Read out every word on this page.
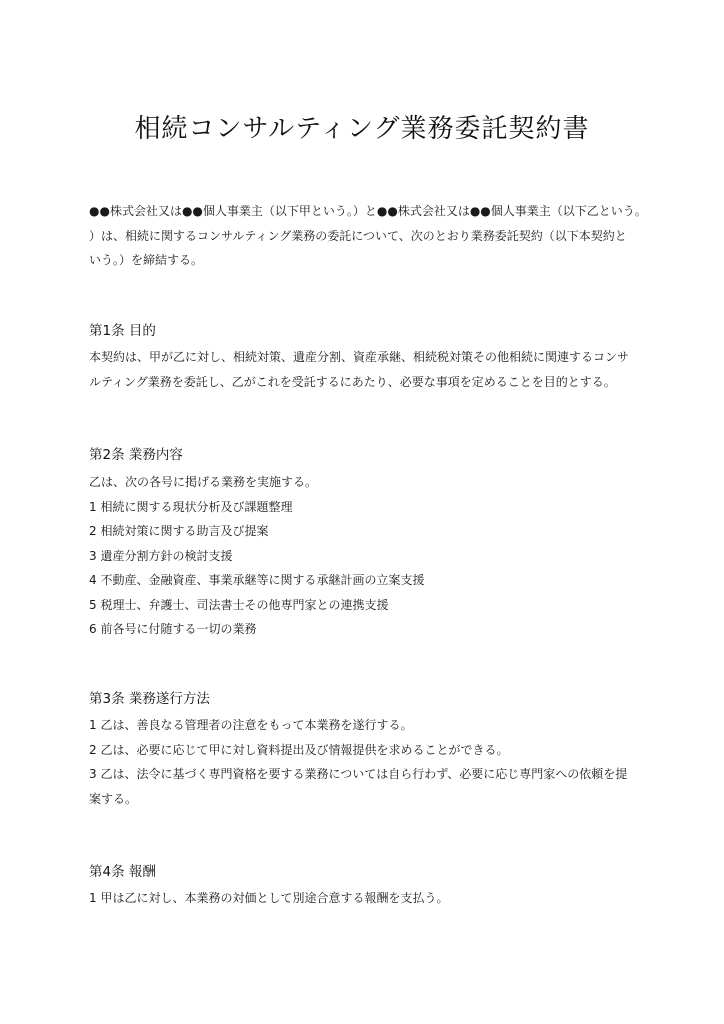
相続コンサルティング業務委託契約書
●●株式会社又は●●個人事業主（以下甲という。）と●●株式会社又は●●個人事業主（以下乙という。
）は、相続に関するコンサルティング業務の委託について、次のとおり業務委託契約（以下本契約と
いう。）を締結する。
第1条 目的
本契約は、甲が乙に対し、相続対策、遺産分割、資産承継、相続税対策その他相続に関連するコンサ
ルティング業務を委託し、乙がこれを受託するにあたり、必要な事項を定めることを目的とする。
第2条 業務内容
乙は、次の各号に掲げる業務を実施する。
1 相続に関する現状分析及び課題整理
2 相続対策に関する助言及び提案
3 遺産分割方針の検討支援
4 不動産、金融資産、事業承継等に関する承継計画の立案支援
5 税理士、弁護士、司法書士その他専門家との連携支援
6 前各号に付随する一切の業務
第3条 業務遂行方法
1 乙は、善良なる管理者の注意をもって本業務を遂行する。
2 乙は、必要に応じて甲に対し資料提出及び情報提供を求めることができる。
3 乙は、法令に基づく専門資格を要する業務については自ら行わず、必要に応じ専門家への依頼を提
案する。
第4条 報酬
1 甲は乙に対し、本業務の対価として別途合意する報酬を支払う。
